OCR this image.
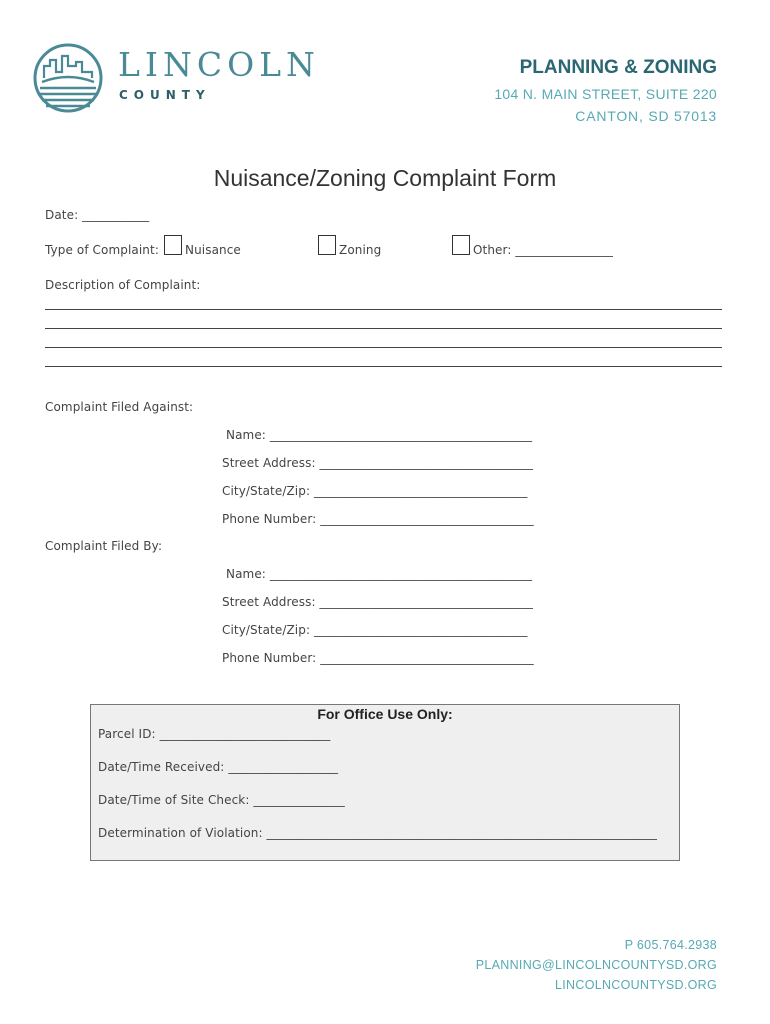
LINCOLN
COUNTY
PLANNING & ZONING
104 N. MAIN STREET, SUITE 220
CANTON, SD 57013
Nuisance/Zoning Complaint Form
Date: ___________
Type of Complaint: Nuisance	Zoning	Other: ________________
Description of Complaint:
Complaint Filed Against:
Name: ___________________________________________
Street Address: ___________________________________
City/State/Zip: ___________________________________
Phone Number: ___________________________________
Complaint Filed By:
Name: ___________________________________________
Street Address: ___________________________________
City/State/Zip: ___________________________________
Phone Number: ___________________________________
For Office Use Only:
Parcel ID: ____________________________
Date/Time Received: __________________
Date/Time of Site Check: _______________
Determination of Violation: ________________________________________________________________
P 605.764.2938
PLANNING@LINCOLNCOUNTYSD.ORG
LINCOLNCOUNTYSD.ORG
